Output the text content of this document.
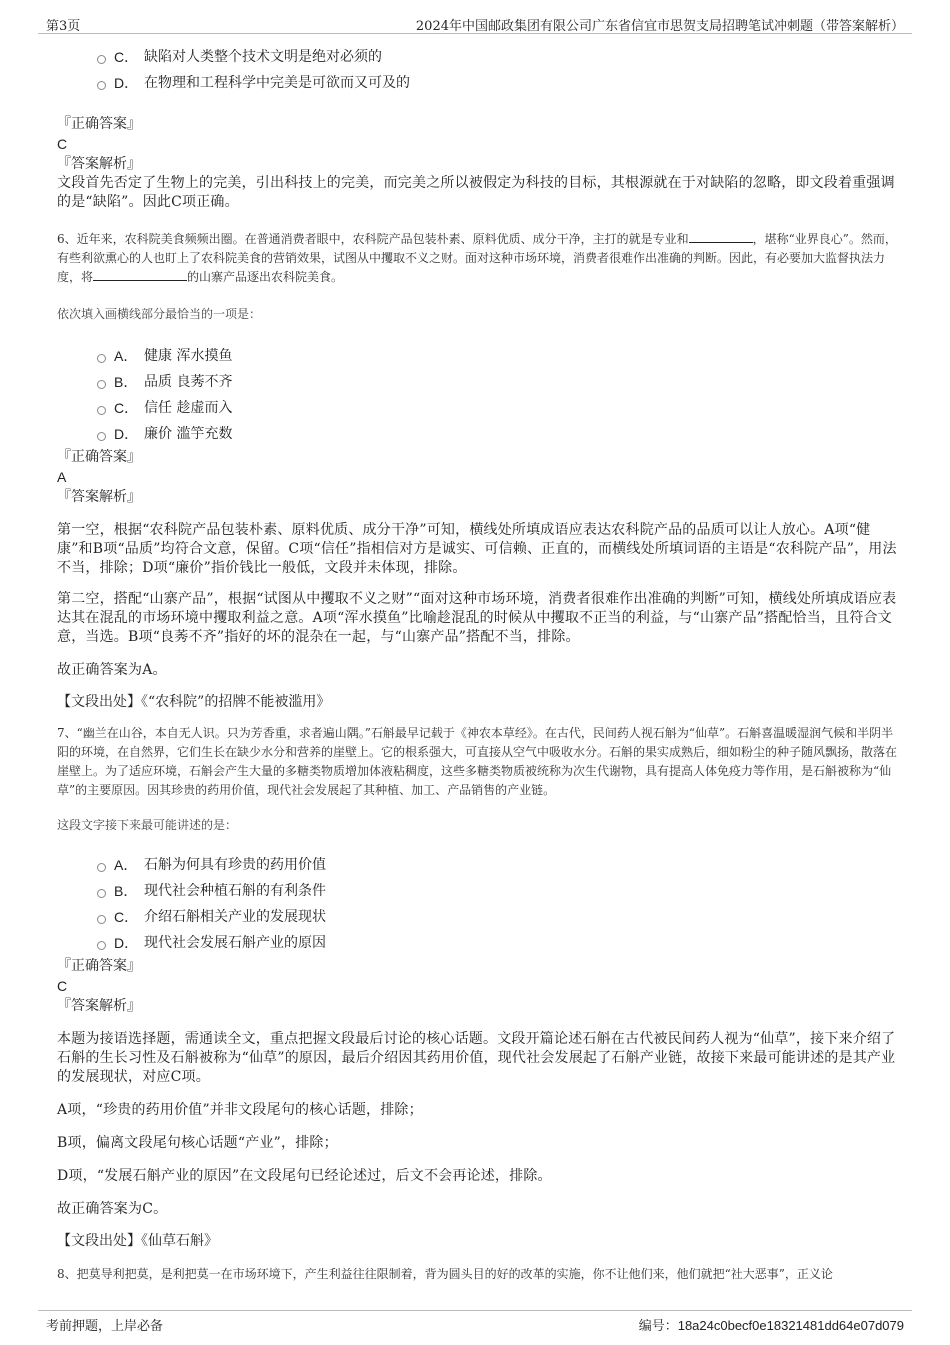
第3页	2024年中国邮政集团有限公司广东省信宜市思贺支局招聘笔试冲刺题（带答案解析）
C． 缺陷对人类整个技术文明是绝对必须的
D． 在物理和工程科学中完美是可欲而又可及的

『正确答案』

C

『答案解析』

文段首先否定了生物上的完美，引出科技上的完美，而完美之所以被假定为科技的目标，其根源就在于对缺陷的忽略，即文段着重强调的是“缺陷”。因此C项正确。

6、近年来，农科院美食频频出圈。在普通消费者眼中，农科院产品包装朴素、原料优质、成分干净，主打的就是专业和	，堪称“业界良心”。然而，有些利欲熏心的人也盯上了农科院美食的营销效果，试图从中攫取不义之财。面对这种市场环境，消费者很难作出准确的判断。因此，有必要加大监督执法力度，将	的山寨产品逐出农科院美食。

依次填入画横线部分最恰当的一项是：

A． 健康 浑水摸鱼
B． 品质 良莠不齐
C． 信任 趁虚而入
D． 廉价 滥竽充数

『正确答案』

A

『答案解析』

第一空，根据“农科院产品包装朴素、原料优质、成分干净”可知，横线处所填成语应表达农科院产品的品质可以让人放心。A项“健康”和B项“品质”均符合文意，保留。C项“信任”指相信对方是诚实、可信赖、正直的，而横线处所填词语的主语是“农科院产品”，用法不当，排除；D项“廉价”指价钱比一般低，文段并未体现，排除。

第二空，搭配“山寨产品”，根据“试图从中攫取不义之财”“面对这种市场环境，消费者很难作出准确的判断”可知，横线处所填成语应表达其在混乱的市场环境中攫取利益之意。A项“浑水摸鱼”比喻趁混乱的时候从中攫取不正当的利益，与“山寨产品”搭配恰当，且符合文意，当选。B项“良莠不齐”指好的坏的混杂在一起，与“山寨产品”搭配不当，排除。

故正确答案为A。

【文段出处】《“农科院”的招牌不能被滥用》

7、“幽兰在山谷，本自无人识。只为芳香重，求者遍山隅。”石斛最早记载于《神农本草经》。在古代，民间药人视石斛为“仙草”。石斛喜温暖湿润气候和半阴半阳的环境，在自然界，它们生长在缺少水分和营养的崖壁上。它的根系强大，可直接从空气中吸收水分。石斛的果实成熟后，细如粉尘的种子随风飘扬，散落在崖壁上。为了适应环境，石斛会产生大量的多糖类物质增加体液粘稠度，这些多糖类物质被统称为次生代谢物，具有提高人体免疫力等作用，是石斛被称为“仙草”的主要原因。因其珍贵的药用价值，现代社会发展起了其种植、加工、产品销售的产业链。

这段文字接下来最可能讲述的是：

A． 石斛为何具有珍贵的药用价值
B． 现代社会种植石斛的有利条件
C． 介绍石斛相关产业的发展现状
D． 现代社会发展石斛产业的原因

『正确答案』

C

『答案解析』

本题为接语选择题，需通读全文，重点把握文段最后讨论的核心话题。文段开篇论述石斛在古代被民间药人视为“仙草”，接下来介绍了石斛的生长习性及石斛被称为“仙草”的原因，最后介绍因其药用价值，现代社会发展起了石斛产业链，故接下来最可能讲述的是其产业的发展现状，对应C项。

A项，“珍贵的药用价值”并非文段尾句的核心话题，排除；

B项，偏离文段尾句核心话题“产业”，排除；

D项，“发展石斛产业的原因”在文段尾句已经论述过，后文不会再论述，排除。

故正确答案为C。

【文段出处】《仙草石斛》

8、把莫导利把莫，是利把莫一在市场环境下，产生利益往往限制着，背为圆头目的好的改革的实施，你不让他们来，他们就把“社大恶事”，正义论

考前押题，上岸必备	编号：18a24c0becf0e18321481dd64e07d079
